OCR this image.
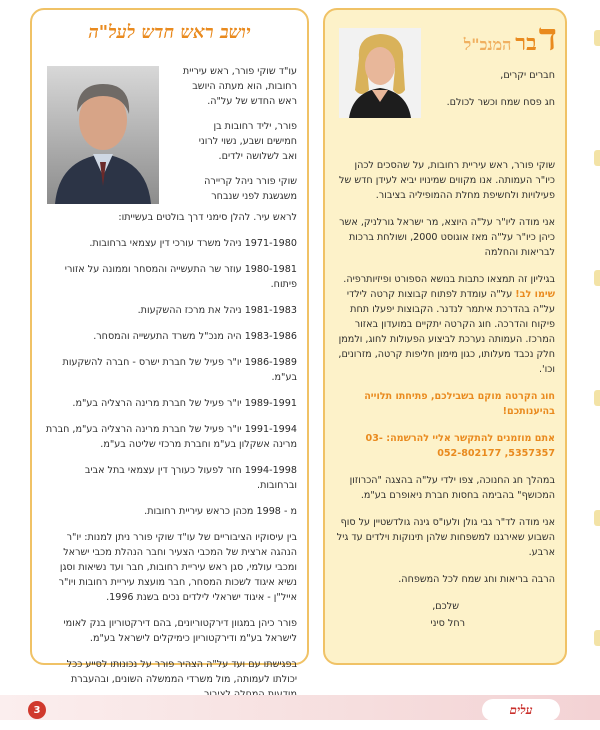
ד
בר
המנכ"ל

חברים יקרים,

חג פסח שמח וכשר לכולם.

שוקי פורר, ראש עיריית רחובות, על שהסכים לכהן כיו"ר העמותה. אנו מקווים שמינויו יביא לעידן חדש של פעילויות ולחשיפת מחלת ההמופיליה בציבור.

אני מודה ליו"ר על"ה היוצא, מר ישראל גורלניק, אשר כיהן כיו"ר על"ה מאז אוגוסט 2000, ושולחת ברכות לבריאות והחלמה

בגיליון זה תמצאו כתבות בנושא הספורט ופיזיותרפיה. שימו לב! על"ה עומדת לפתוח קבוצות קרטה לילדי על"ה בהדרכת איתמר לנדנר. הקבוצות יפעלו תחת פיקוח והדרכה. חוג הקרטה יתקיים במועדון באזור המרכז. העמותה נערכת לביצוע הפעולות לחוג, ולממן חלק נכבד מעלותו, כגון מימון חליפות קרטה, מזרונים, וכו'.

חוג הקרטה מוקם בשבילכם, פתיחתו תלוייה בהיענותכם!

אתם מוזמנים להתקשר אליי להרשמה: 03-5357357, 052-802177

במהלך חג החנוכה, צפו ילדי על"ה בהצגה "הכרוזון המכושף" בהבימה בחסות חברת ניאופרם בע"מ.

אני מודה לד"ר גבי גולן ולעו"ס גינה גולדשטיין על סוף השבוע שאירגנו למשפחות שלהן תינוקות וילדים עד גיל ארבע.

הרבה בריאות וחג שמח לכל המשפחה.

שלכם,

רחל סיני

יושב ראש חדש לעל"ה

עו"ד שוקי פורר, ראש עיריית רחובות, הוא מעתה היושב ראש החדש של על"ה.

פורר, יליד רחובות בן חמישים ושבע, נשוי לרוני ואב לשלושה ילדים.

שוקי פורר ניהל קריירה משגשגת לפני שנבחר

לראש עיר. להלן סימני דרך בולטים בעשייתו:

1971-1980 ניהל משרד עורכי דין עצמאי ברחובות.

1980-1981 עוזר שר התעשייה והמסחר וממונה על אזורי פיתוח.

1981-1983 ניהל את מרכז ההשקעות.

1983-1986 היה מנכ"ל משרד התעשייה והמסחר.

1986-1989 יו"ר פעיל של חברת ישרס - חברה להשקעות בע"מ.

1989-1991 יו"ר פעיל של חברת מרינה הרצליה בע"מ.

1991-1994 יו"ר פעיל של חברת מרינה הרצליה בע"מ, חברת מרינה אשקלון בע"מ וחברת מרכזי שליטה בע"מ.

1994-1998 חזר לפעול כעורך דין עצמאי בתל אביב וברחובות.

מ - 1998 מכהן כראש עיריית רחובות.

בין עיסוקיו הציבוריים של עו"ד שוקי פורר ניתן למנות: יו"ר הנהגה ארצית של המכבי הצעיר וחבר הנהלת מכבי ישראל ומכבי עולמי, סגן ראש עיריית רחובות, חבר ועד נשיאות וסגן נשיא איגוד לשכות המסחר, חבר מועצת עיריית רחובות ויו"ר אייל"ן - איגוד ישראלי לילדים נכים בשנת 1996.

פורר כיהן במגוון דירקטוריונים, בהם דירקטוריון בנק לאומי לישראל בע"מ ודירקטוריון כימיקלים לישראל בע"מ.

בפגישתו עם ועד על"ה הצהיר פורר על נכונותו לסייע ככל יכולתו לעמותה, מול משרדי הממשלה השונים, ובהעברת

עלים
3
